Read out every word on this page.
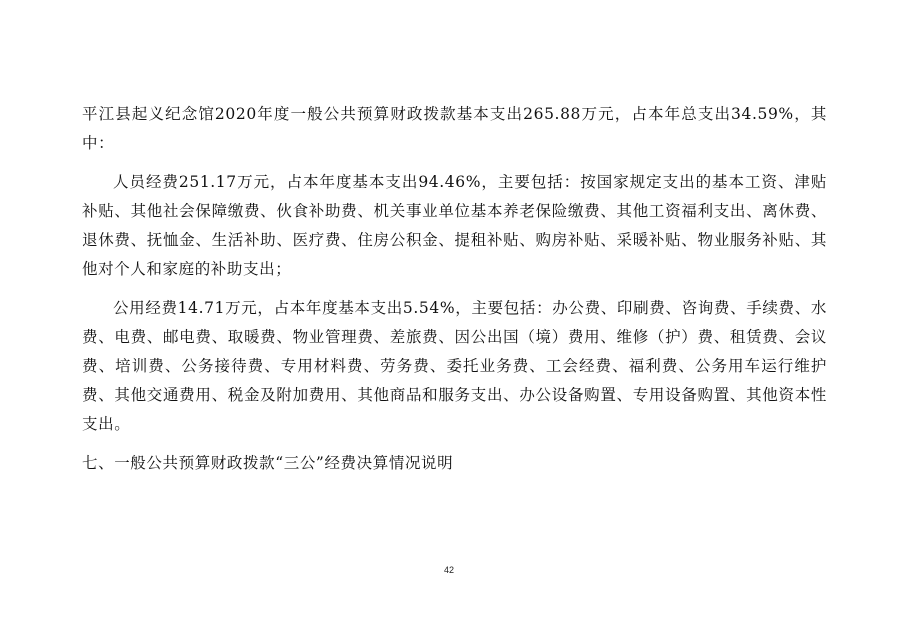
平江县起义纪念馆2020年度一般公共预算财政拨款基本支出265.88万元，占本年总支出34.59%，其中：

人员经费251.17万元，占本年度基本支出94.46%，主要包括：按国家规定支出的基本工资、津贴补贴、其他社会保障缴费、伙食补助费、机关事业单位基本养老保险缴费、其他工资福利支出、离休费、退休费、抚恤金、生活补助、医疗费、住房公积金、提租补贴、购房补贴、采暖补贴、物业服务补贴、其他对个人和家庭的补助支出；

公用经费14.71万元，占本年度基本支出5.54%，主要包括：办公费、印刷费、咨询费、手续费、水费、电费、邮电费、取暖费、物业管理费、差旅费、因公出国（境）费用、维修（护）费、租赁费、会议费、培训费、公务接待费、专用材料费、劳务费、委托业务费、工会经费、福利费、公务用车运行维护费、其他交通费用、税金及附加费用、其他商品和服务支出、办公设备购置、专用设备购置、其他资本性支出。

七、一般公共预算财政拨款“三公”经费决算情况说明

42
